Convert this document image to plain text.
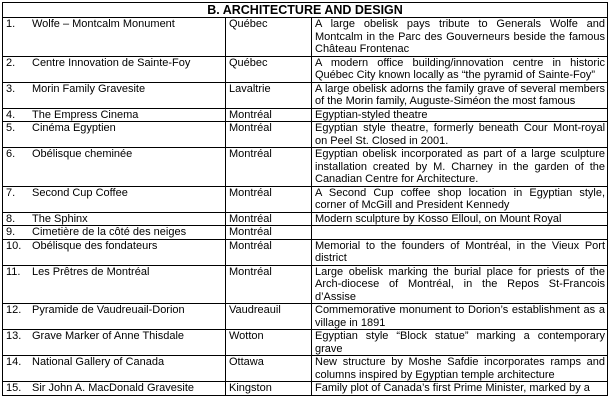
B. ARCHITECTURE AND DESIGN		
1. Wolfe – Montcalm Monument	Québec	A large obelisk pays tribute to Generals Wolfe and Montcalm in the Parc des Gouverneurs beside the famous Château Frontenac
2. Centre Innovation de Sainte-Foy	Québec	A modern office building/innovation centre in historic Québec City known locally as “the pyramid of Sainte-Foy”
3. Morin Family Gravesite	Lavaltrie	A large obelisk adorns the family grave of several members of the Morin family, Auguste-Siméon the most famous
4. The Empress Cinema	Montréal	Egyptian-styled theatre
5. Cinéma Egyptien	Montréal	Egyptian style theatre, formerly beneath Cour Mont-royal on Peel St. Closed in 2001.
6. Obélisque cheminée	Montréal	Egyptian obelisk incorporated as part of a large sculpture installation created by M. Charney in the garden of the Canadian Centre for Architecture.
7. Second Cup Coffee	Montréal	A Second Cup coffee shop location in Egyptian style, corner of McGill and President Kennedy
8. The Sphinx	Montréal	Modern sculpture by Kosso Elloul, on Mount Royal
9. Cimetière de la côté des neiges	Montréal	
10. Obélisque des fondateurs	Montréal	Memorial to the founders of Montréal, in the Vieux Port district
11. Les Prêtres de Montréal	Montréal	Large obelisk marking the burial place for priests of the Arch-diocese of Montréal, in the Repos St-Francois d’Assise
12. Pyramide de Vaudreuail-Dorion	Vaudreauil	Commemorative monument to Dorion’s establishment as a village in 1891
13. Grave Marker of Anne Thisdale	Wotton	Egyptian style “Block statue” marking a contemporary grave
14. National Gallery of Canada	Ottawa	New structure by Moshe Safdie incorporates ramps and columns inspired by Egyptian temple architecture
15. Sir John A. MacDonald Gravesite	Kingston	Family plot of Canada’s first Prime Minister, marked by a
